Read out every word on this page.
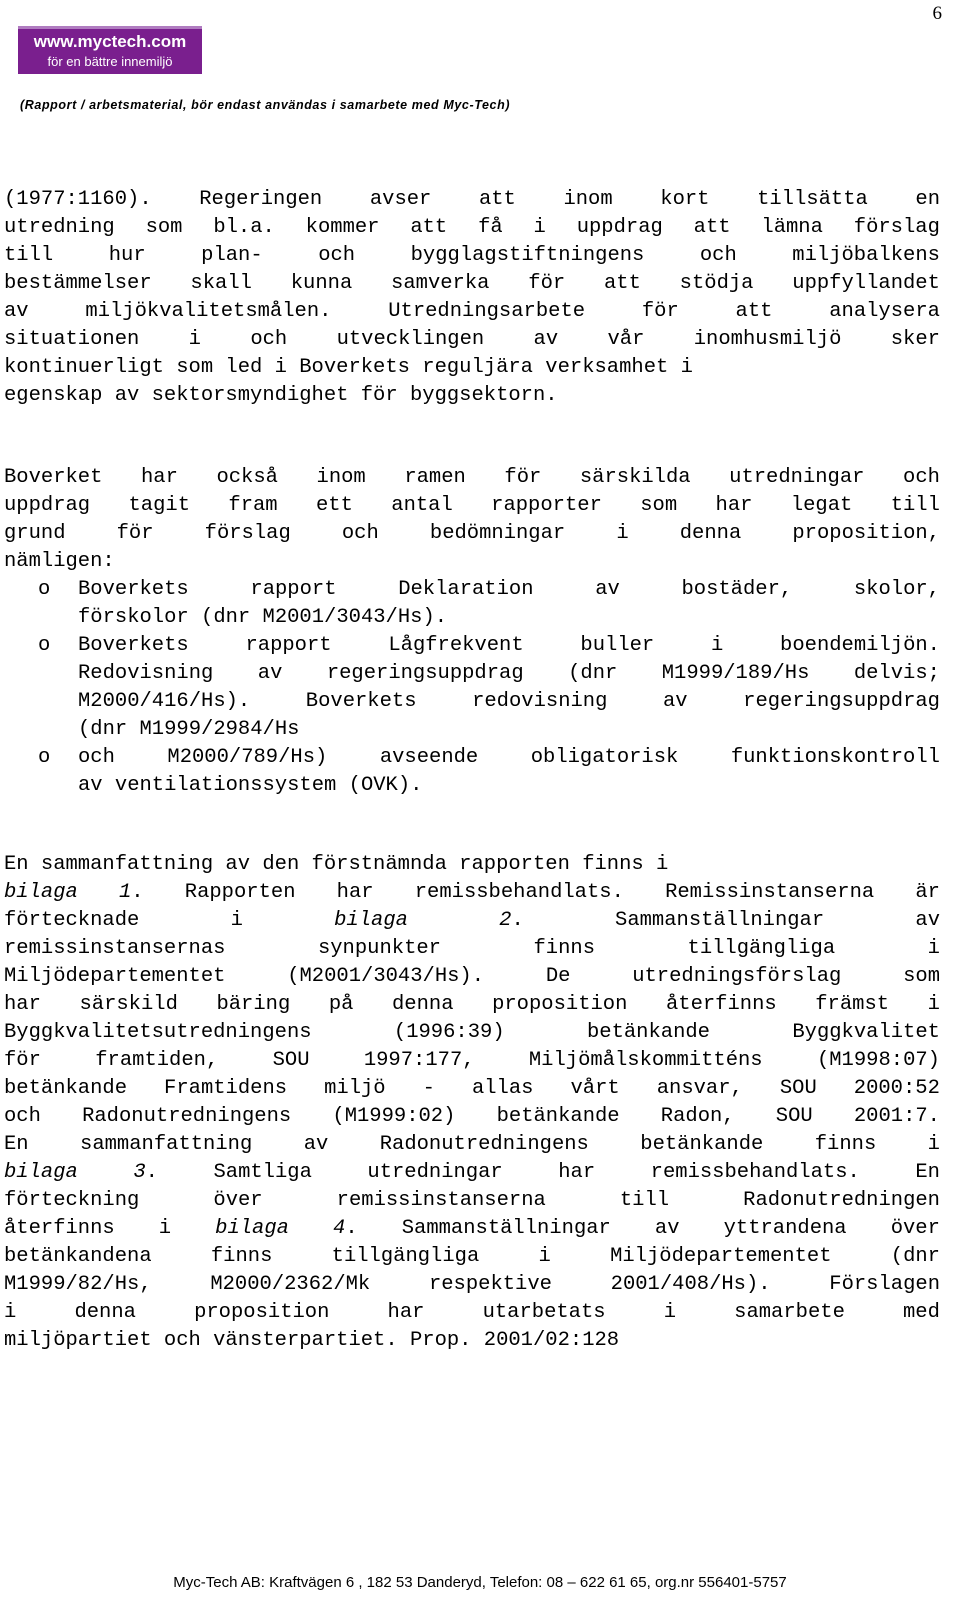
6
www.myctech.com
för en bättre innemiljö
(Rapport / arbetsmaterial, bör endast användas i samarbete med Myc-Tech)
(1977:1160). Regeringen avser att inom kort tillsätta en
utredning som bl.a. kommer att få i uppdrag att lämna förslag
till	hur	plan-	och	bygglagstiftningens	och	miljöbalkens
bestämmelser skall kunna samverka för att stödja uppfyllandet
av	miljökvalitetsmålen.	Utredningsarbete	för	att	analysera
situationen i och utvecklingen av vår inomhusmiljö sker
kontinuerligt som led i Boverkets reguljära verksamhet i
egenskap av sektorsmyndighet för byggsektorn.
Boverket har också inom ramen för särskilda utredningar och
uppdrag tagit fram ett antal rapporter som har legat till
grund för förslag och bedömningar i denna proposition,
nämligen:
o Boverkets	rapport	Deklaration	av	bostäder,	skolor,
förskolor (dnr M2001/3043/Hs).
o Boverkets	rapport	Lågfrekvent	buller	i	boendemiljön.
Redovisning av regeringsuppdrag (dnr M1999/189/Hs delvis;
M2000/416/Hs).	Boverkets	redovisning	av	regeringsuppdrag
(dnr M1999/2984/Hs
o och	M2000/789/Hs)	avseende	obligatorisk	funktionskontroll
av ventilationssystem (OVK).
En sammanfattning av den förstnämnda rapporten finns i
bilaga 1. Rapporten har remissbehandlats. Remissinstanserna är
förtecknade	i	bilaga	2.	Sammanställningar	av
remissinstansernas	synpunkter	finns	tillgängliga	i
Miljödepartementet	(M2001/3043/Hs).	De	utredningsförslag	som
har särskild bäring på denna proposition återfinns främst i
Byggkvalitetsutredningens	(1996:39)	betänkande	Byggkvalitet
för	framtiden,	SOU	1997:177,	Miljömålskommitténs	(M1998:07)
betänkande Framtidens miljö - allas vårt ansvar, SOU 2000:52
och Radonutredningens (M1999:02) betänkande Radon, SOU 2001:7.
En	sammanfattning	av	Radonutredningens	betänkande	finns	i
bilaga	3.	Samtliga	utredningar	har	remissbehandlats.	En
förteckning	över	remissinstanserna	till	Radonutredningen
återfinns i bilaga 4. Sammanställningar av yttrandena över
betänkandena	finns	tillgängliga	i	Miljödepartementet	(dnr
M1999/82/Hs,	M2000/2362/Mk	respektive	2001/408/Hs).	Förslagen
i	denna	proposition	har	utarbetats	i	samarbete	med
miljöpartiet och vänsterpartiet. Prop. 2001/02:128
Myc-Tech AB: Kraftvägen 6 , 182 53 Danderyd, Telefon: 08 – 622 61 65, org.nr 556401-5757
